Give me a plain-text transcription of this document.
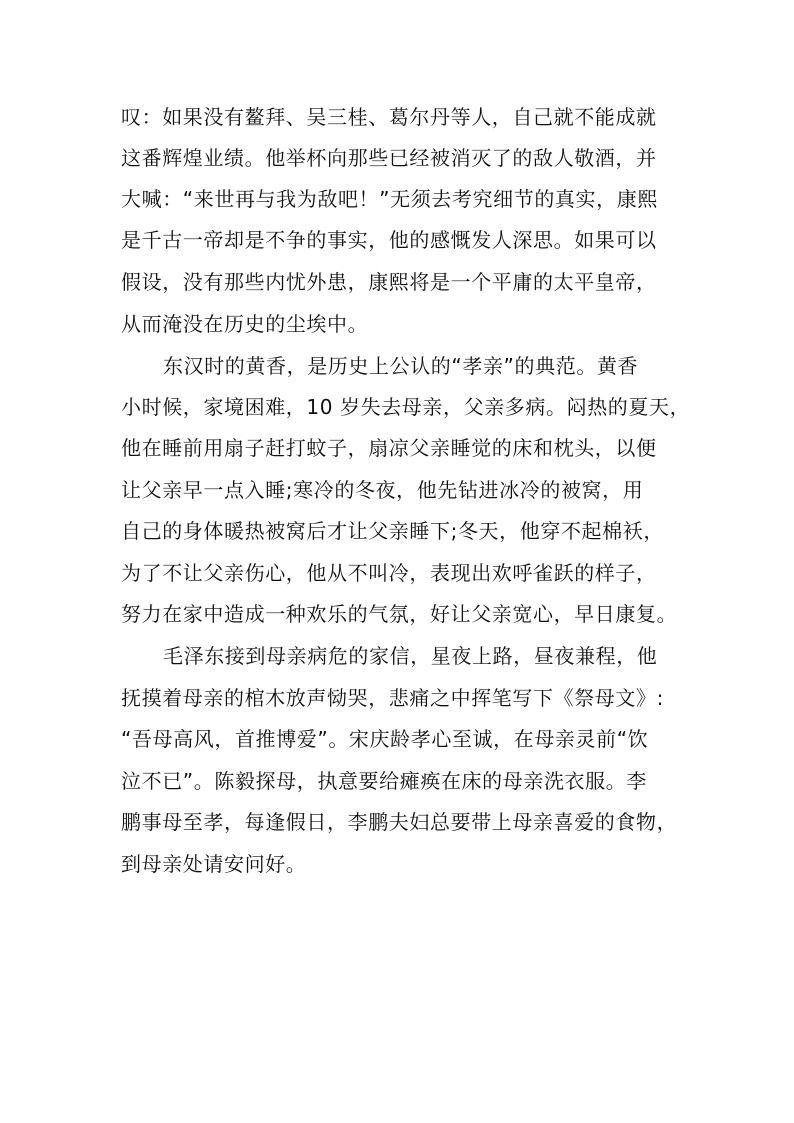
叹：如果没有鳌拜、吴三桂、葛尔丹等人，自己就不能成就
这番辉煌业绩。他举杯向那些已经被消灭了的敌人敬酒，并
大喊：“来世再与我为敌吧！”无须去考究细节的真实，康熙
是千古一帝却是不争的事实，他的感慨发人深思。如果可以
假设，没有那些内忧外患，康熙将是一个平庸的太平皇帝，
从而淹没在历史的尘埃中。
东汉时的黄香，是历史上公认的“孝亲”的典范。黄香
小时候，家境困难，10 岁失去母亲，父亲多病。闷热的夏天，
他在睡前用扇子赶打蚊子，扇凉父亲睡觉的床和枕头，以便
让父亲早一点入睡;寒冷的冬夜，他先钻进冰冷的被窝，用
自己的身体暖热被窝后才让父亲睡下;冬天，他穿不起棉袄，
为了不让父亲伤心，他从不叫冷，表现出欢呼雀跃的样子，
努力在家中造成一种欢乐的气氛，好让父亲宽心，早日康复。
毛泽东接到母亲病危的家信，星夜上路，昼夜兼程，他
抚摸着母亲的棺木放声恸哭，悲痛之中挥笔写下《祭母文》:
“吾母高风，首推博爱”。宋庆龄孝心至诚，在母亲灵前“饮
泣不已”。陈毅探母，执意要给瘫痪在床的母亲洗衣服。李
鹏事母至孝，每逢假日，李鹏夫妇总要带上母亲喜爱的食物，
到母亲处请安问好。
